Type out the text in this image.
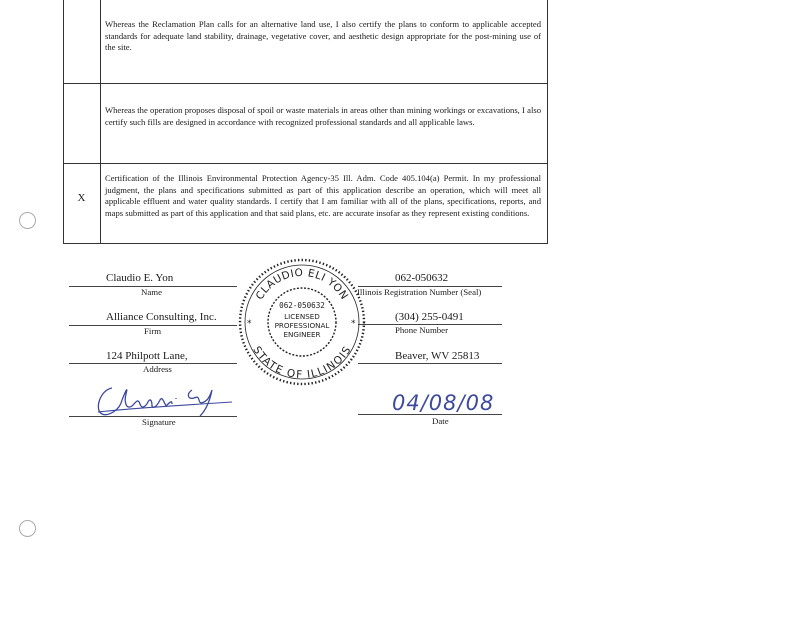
Whereas the Reclamation Plan calls for an alternative land use, I also certify the plans to conform to applicable accepted standards for adequate land stability, drainage, vegetative cover, and aesthetic design appropriate for the post-mining use of the site.
Whereas the operation proposes disposal of spoil or waste materials in areas other than mining workings or excavations, I also certify such fills are designed in accordance with recognized professional standards and all applicable laws.
X
Certification of the Illinois Environmental Protection Agency-35 Ill. Adm. Code 405.104(a) Permit. In my professional judgment, the plans and specifications submitted as part of this application describe an operation, which will meet all applicable effluent and water quality standards. I certify that I am familiar with all of the plans, specifications, reports, and maps submitted as part of this application and that said plans, etc. are accurate insofar as they represent existing conditions.
Claudio E. Yon
Name
Alliance Consulting, Inc.
Firm
124 Philpott Lane,
Address
Signature
062-050632
Illinois Registration Number (Seal)
(304) 255-0491
Phone Number
Beaver, WV 25813
04/08/08
Date
CLAUDIO ELI YON
STATE OF ILLINOIS
*	*
062-050632
LICENSED
PROFESSIONAL
ENGINEER
